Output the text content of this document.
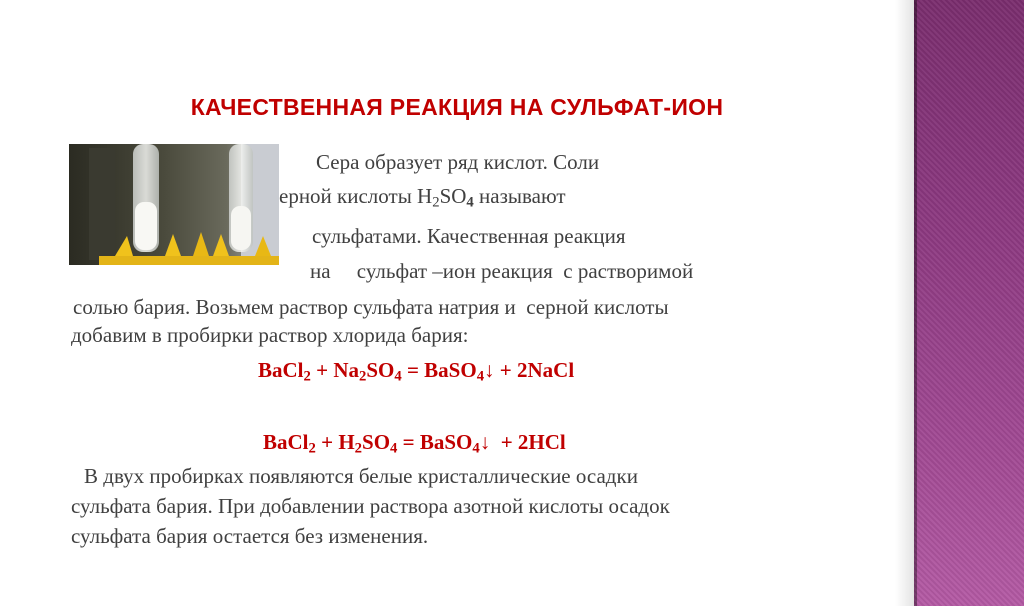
КАЧЕСТВЕННАЯ РЕАКЦИЯ НА СУЛЬФАТ-ИОН
Сера образует ряд кислот. Соли
ерной кислоты $H_2SO_4$ называют
сульфатами. Качественная реакция
на     сульфат –ион реакция  с растворимой
солью бария. Возьмем раствор сульфата натрия и  серной кислоты
добавим в пробирки раствор хлорида бария:
BaCl$_2$ + $Na_2SO_4$ = BaSO$_4$↓ + 2NaCl
BaCl$_2$ + $H_2SO_4$ = BaSO$_4$↓  + 2HCl
В двух пробирках появляются белые кристаллические осадки
сульфата бария. При добавлении раствора азотной кислоты осадок
сульфата бария остается без изменения.
